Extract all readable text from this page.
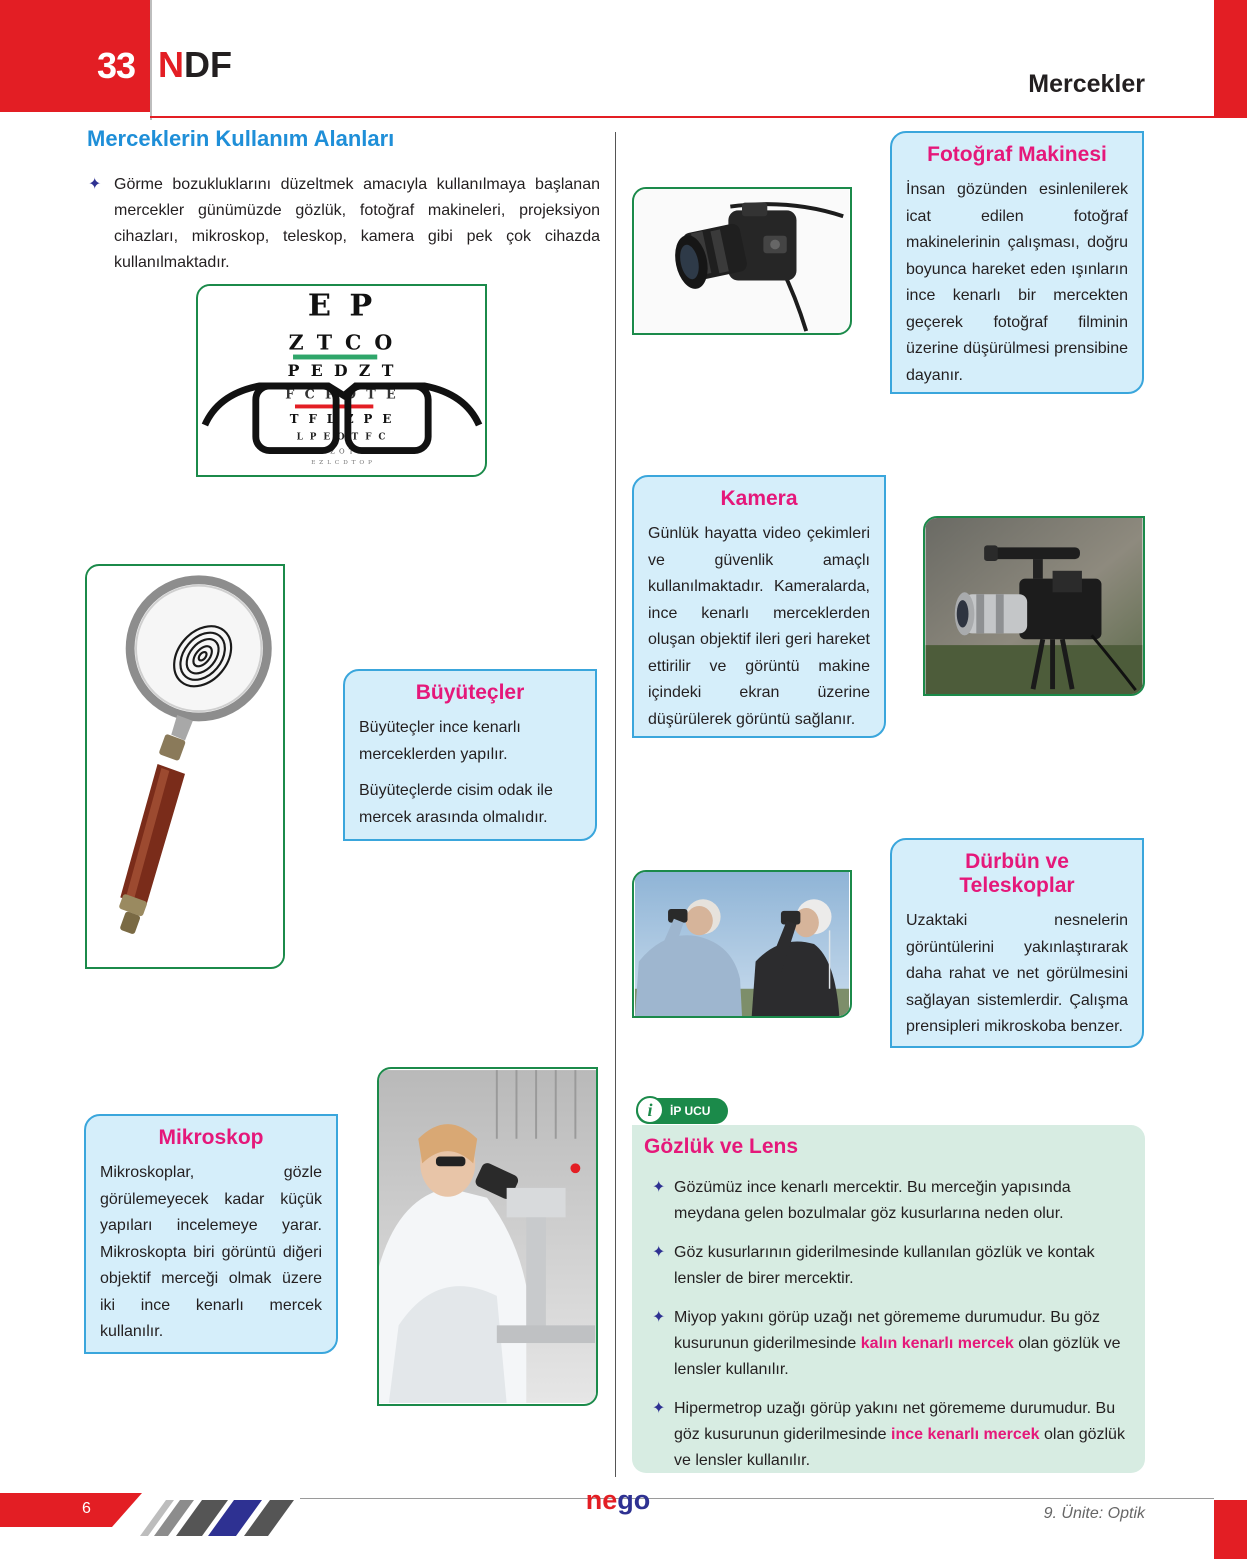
33 NDF	Mercekler
Merceklerin Kullanım Alanları
✦ Görme bozukluklarını düzeltmek amacıyla kullanılmaya başlanan mercekler günümüzde gözlük, fotoğraf makineleri, projeksiyon cihazları, mikroskop, teleskop, kamera gibi pek çok cihazda kullanılmaktadır.
E P
Z T C O
P E D Z T
F C P O T E
T F L Z P E
L P E O T F C
F D Z O T E F
E Z L C D T O P
Büyüteçler

Büyüteçler ince kenarlı merceklerden yapılır.

Büyüteçlerde cisim odak ile mercek arasında olmalıdır.

Mikroskop

Mikroskoplar, gözle görülemeyecek kadar küçük yapıları incelemeye yarar. Mikroskopta biri görüntü diğeri objektif merceği olmak üzere iki ince kenarlı mercek kullanılır.

Fotoğraf Makinesi

İnsan gözünden esinlenilerek icat edilen fotoğraf makinelerinin çalışması, doğru boyunca hareket eden ışınların ince kenarlı bir mercekten geçerek fotoğraf filminin üzerine düşürülmesi prensibine dayanır.

Kamera

Günlük hayatta video çekimleri ve güvenlik amaçlı kullanılmaktadır. Kameralarda, ince kenarlı merceklerden oluşan objektif ileri geri hareket ettirilir ve görüntü makine içindeki ekran üzerine düşürülerek görüntü sağlanır.

Dürbün ve Teleskoplar

Uzaktaki nesnelerin görüntülerini yakınlaştırarak daha rahat ve net görülmesini sağlayan sistemlerdir. Çalışma prensipleri mikroskoba benzer.

İP UCU
i
Gözlük ve Lens
✦ Gözümüz ince kenarlı mercektir. Bu merceğin yapısında meydana gelen bozulmalar göz kusurlarına neden olur.
✦ Göz kusurlarının giderilmesinde kullanılan gözlük ve kontak lensler de birer mercektir.
✦ Miyop yakını görüp uzağı net görememe durumudur. Bu göz kusurunun giderilmesinde kalın kenarlı mercek olan gözlük ve lensler kullanılır.
✦ Hipermetrop uzağı görüp yakını net görememe durumudur. Bu göz kusurunun giderilmesinde ince kenarlı mercek olan gözlük ve lensler kullanılır.
6	nego	9. Ünite: Optik
